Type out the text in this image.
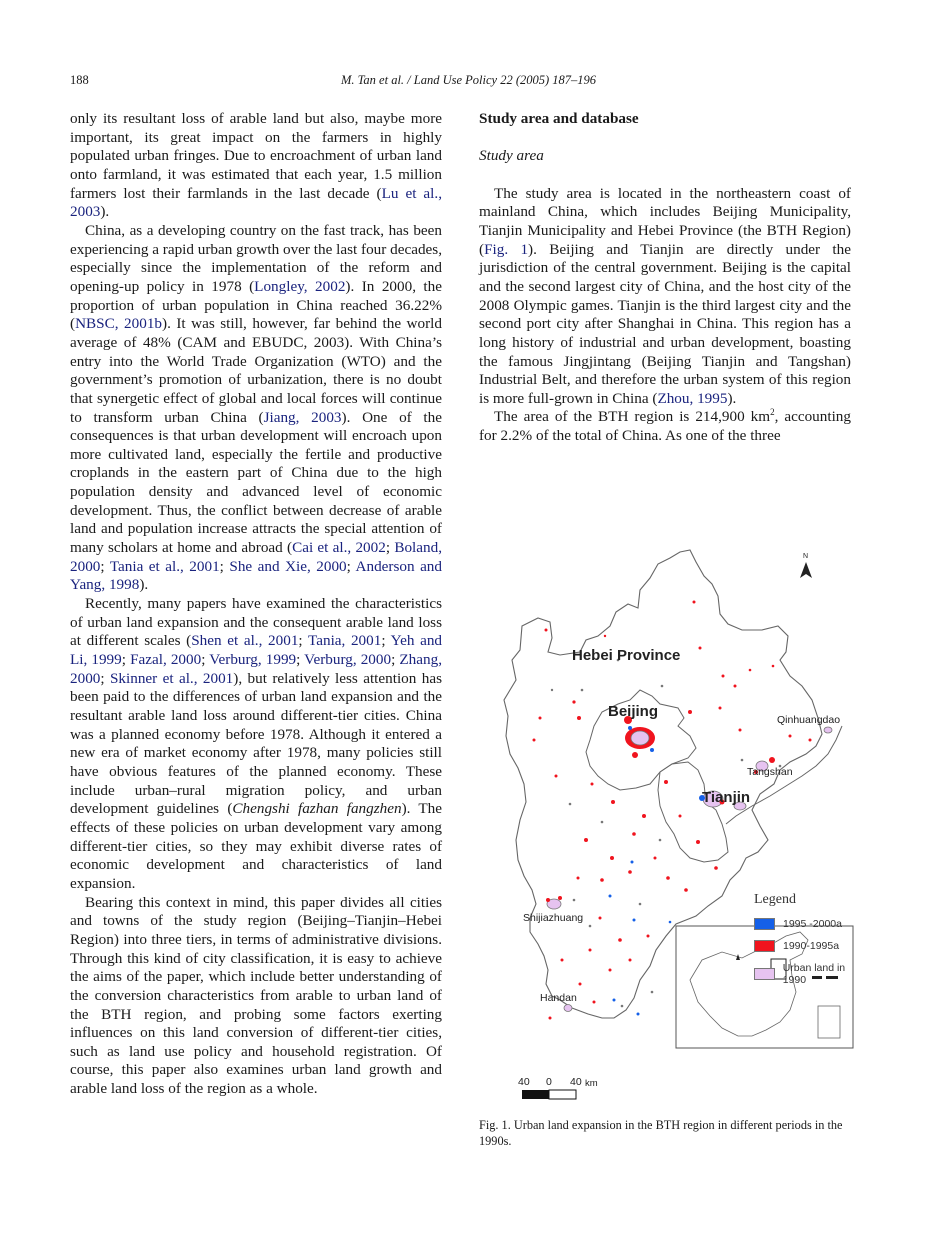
188	M. Tan et al. / Land Use Policy 22 (2005) 187–196

only its resultant loss of arable land but also, maybe more important, its great impact on the farmers in highly populated urban fringes. Due to encroachment of urban land onto farmland, it was estimated that each year, 1.5 million farmers lost their farmlands in the last decade (Lu et al., 2003).

China, as a developing country on the fast track, has been experiencing a rapid urban growth over the last four decades, especially since the implementation of the reform and opening-up policy in 1978 (Longley, 2002). In 2000, the proportion of urban population in China reached 36.22% (NBSC, 2001b). It was still, however, far behind the world average of 48% (CAM and EBUDC, 2003). With China’s entry into the World Trade Organization (WTO) and the government’s promotion of urbanization, there is no doubt that synergetic effect of global and local forces will continue to transform urban China (Jiang, 2003). One of the consequences is that urban development will encroach upon more cultivated land, especially the fertile and productive croplands in the eastern part of China due to the high population density and advanced level of economic development. Thus, the conflict between decrease of arable land and population increase attracts the special attention of many scholars at home and abroad (Cai et al., 2002; Boland, 2000; Tania et al., 2001; She and Xie, 2000; Anderson and Yang, 1998).

Recently, many papers have examined the characteristics of urban land expansion and the consequent arable land loss at different scales (Shen et al., 2001; Tania, 2001; Yeh and Li, 1999; Fazal, 2000; Verburg, 1999; Verburg, 2000; Zhang, 2000; Skinner et al., 2001), but relatively less attention has been paid to the differences of urban land expansion and the resultant arable land loss around different-tier cities. China was a planned economy before 1978. Although it entered a new era of market economy after 1978, many policies still have obvious features of the planned economy. These include urban–rural migration policy, and urban development guidelines (Chengshi fazhan fangzhen). The effects of these policies on urban development vary among different-tier cities, so they may exhibit diverse rates of economic development and characteristics of land expansion.

Bearing this context in mind, this paper divides all cities and towns of the study region (Beijing–Tianjin–Hebei Region) into three tiers, in terms of administrative divisions. Through this kind of city classification, it is easy to achieve the aims of the paper, which include better understanding of the conversion characteristics from arable to urban land of the BTH region, and probing some factors exerting influences on this land conversion of different-tier cities, such as land use policy and household registration. Of course, this paper also examines urban land growth and arable land loss of the region as a whole.

Study area and database

Study area

The study area is located in the northeastern coast of mainland China, which includes Beijing Municipality, Tianjin Municipality and Hebei Province (the BTH Region) (Fig. 1). Beijing and Tianjin are directly under the jurisdiction of the central government. Beijing is the capital and the second largest city of China, and the host city of the 2008 Olympic games. Tianjin is the third largest city and the second port city after Shanghai in China. This region has a long history of industrial and urban development, boasting the famous Jingjintang (Beijing Tianjin and Tangshan) Industrial Belt, and therefore the urban system of this region is more full-grown in China (Zhou, 1995).

The area of the BTH region is 214,900 $km^2$, accounting for 2.2% of the total of China. As one of the three

N
Hebei Province
Beijing
Tianjin
Qinhuangdao
Tangshan
Shijiazhuang
Handan
Legend
1995 -2000a
1990-1995a
Urban land in 1990
40 0 40 km
Fig. 1. Urban land expansion in the BTH region in different periods in the 1990s.
